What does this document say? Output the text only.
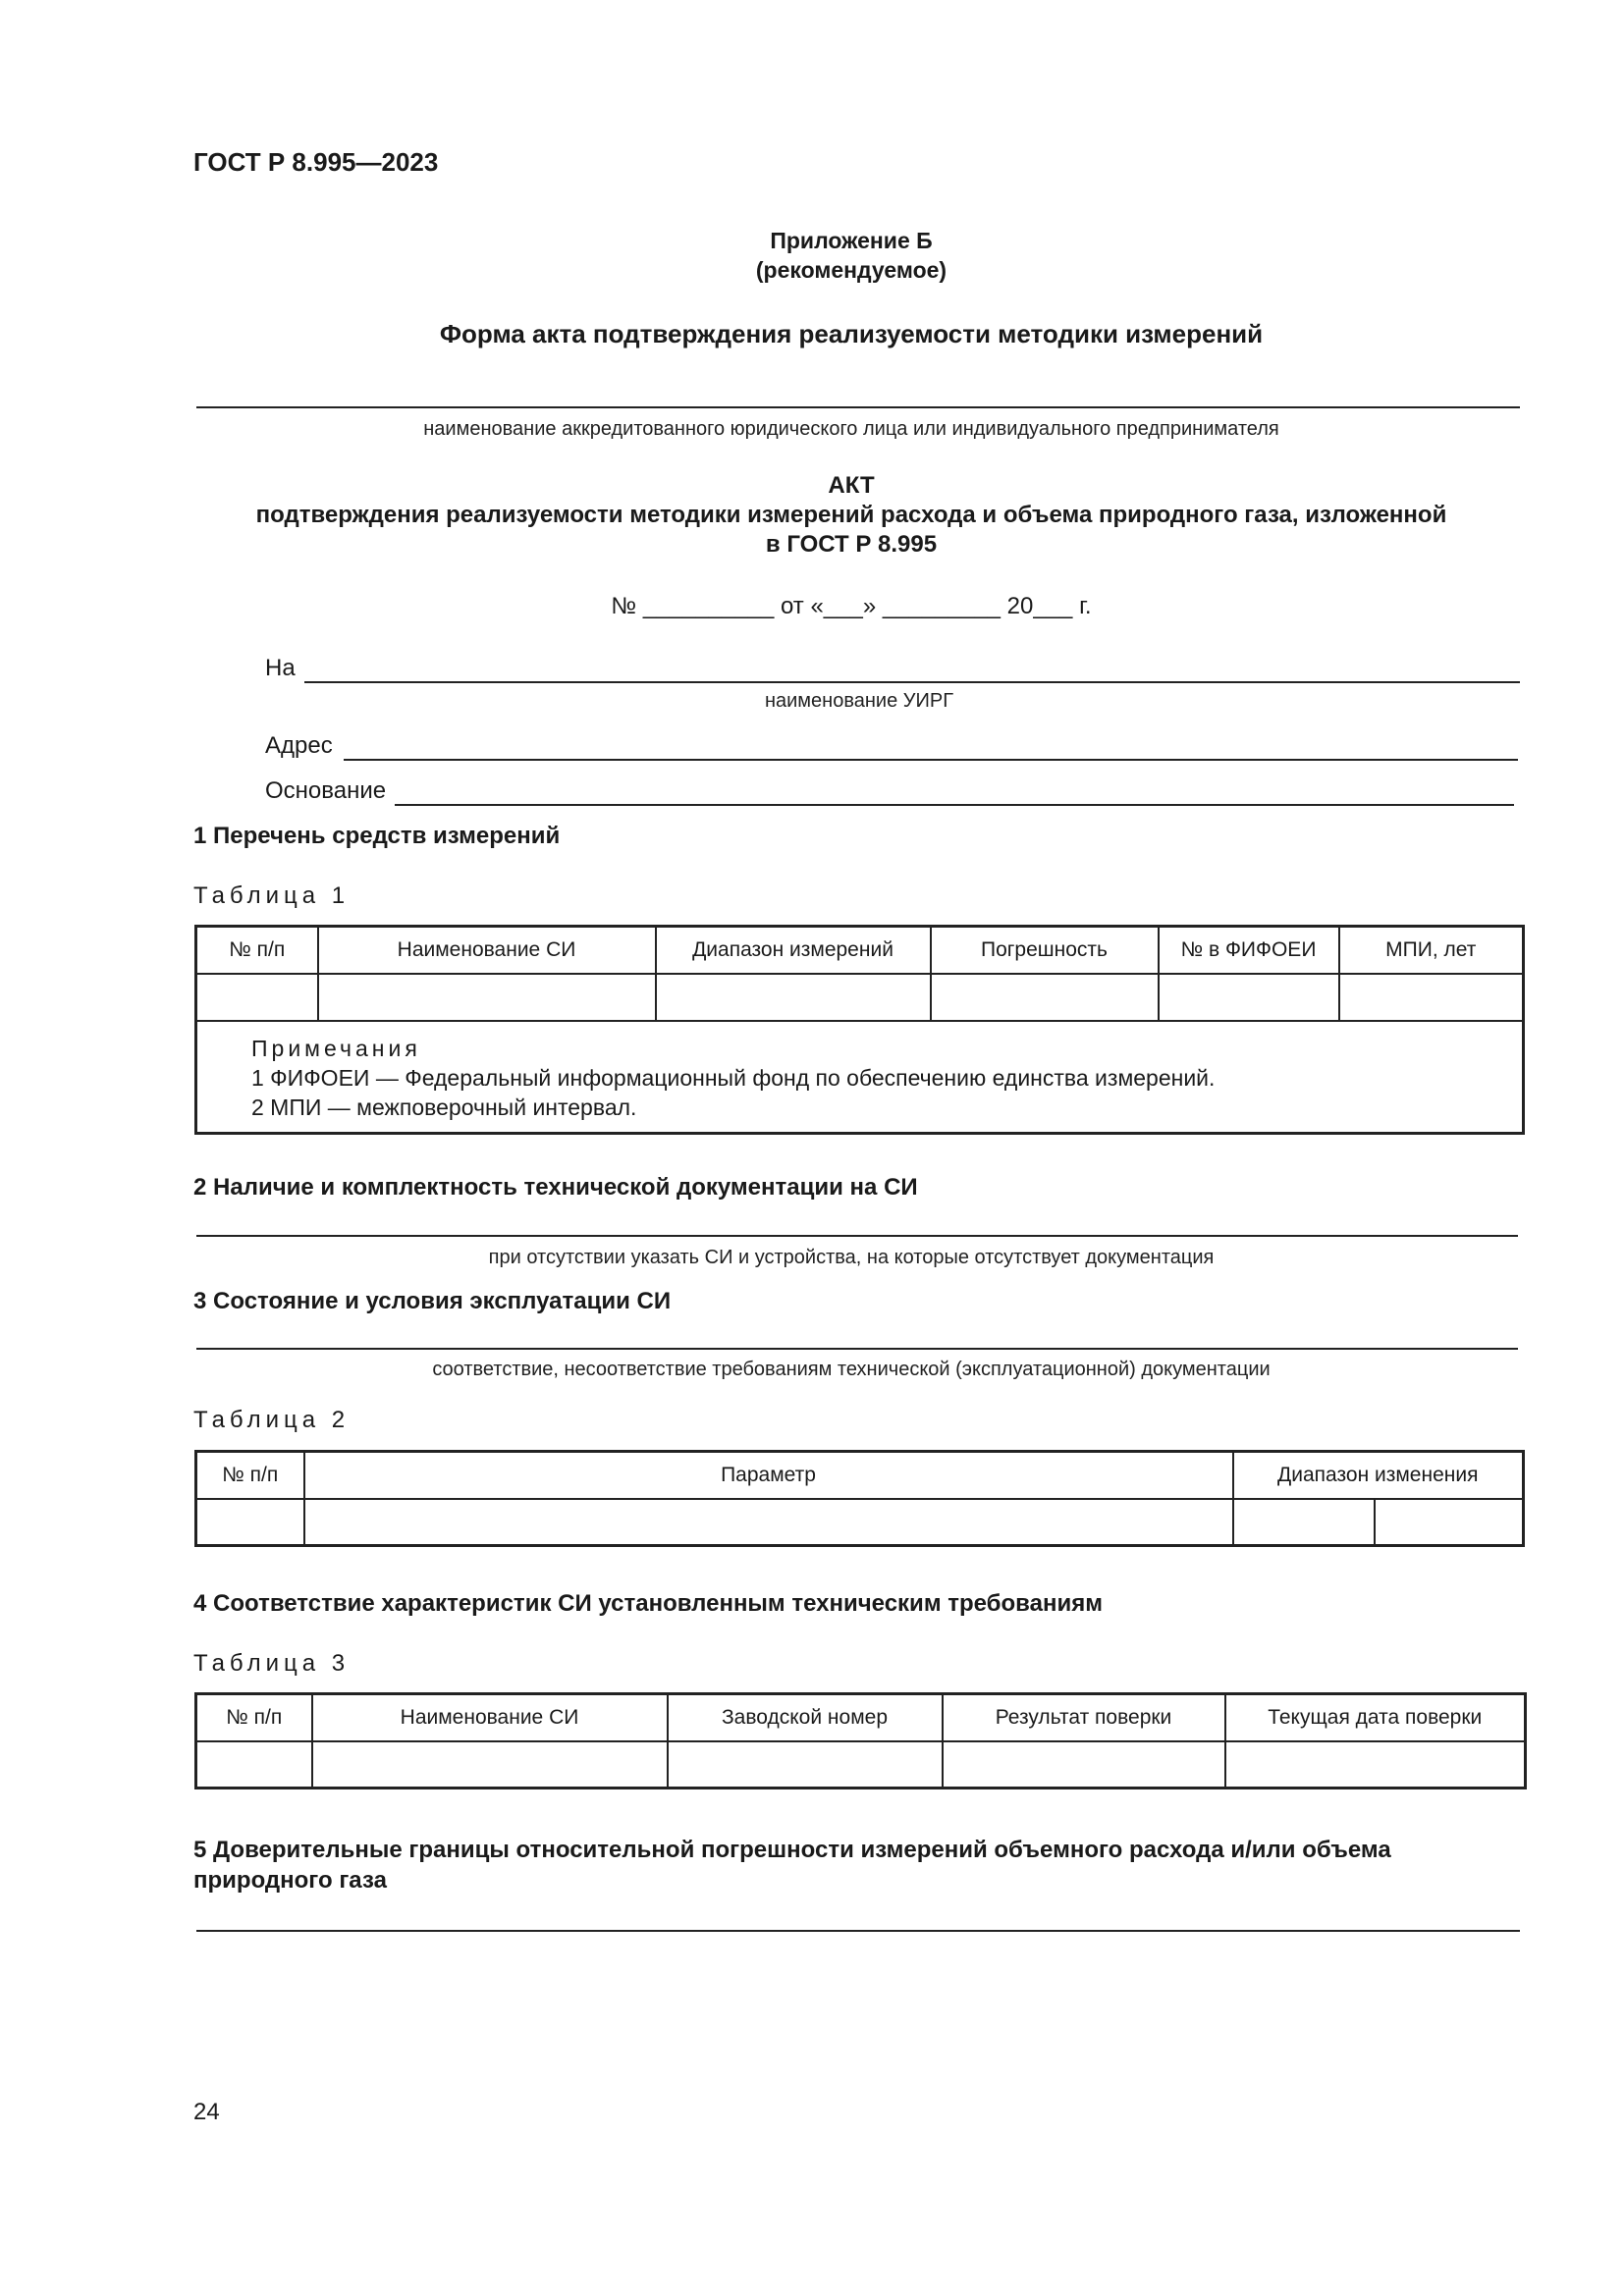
ГОСТ Р 8.995—2023
Приложение Б
(рекомендуемое)
Форма акта подтверждения реализуемости методики измерений
наименование аккредитованного юридического лица или индивидуального предпринимателя
АКТ
подтверждения реализуемости методики измерений расхода и объема природного газа, изложенной
в ГОСТ Р 8.995
№ __________ от «___» _________ 20___ г.
На
наименование УИРГ
Адрес
Основание
1 Перечень средств измерений
Таблица 1
№ п/п	Наименование СИ	Диапазон измерений	Погрешность	№ в ФИФОЕИ	МПИ, лет

Примечания
1 ФИФОЕИ — Федеральный информационный фонд по обеспечению единства измерений.
2 МПИ — межповерочный интервал.					
2 Наличие и комплектность технической документации на СИ
при отсутствии указать СИ и устройства, на которые отсутствует документация
3 Состояние и условия эксплуатации СИ
соответствие, несоответствие требованиям технической (эксплуатационной) документации
Таблица 2
№ п/п	Параметр	Диапазон изменения	

4 Соответствие характеристик СИ установленным техническим требованиям
Таблица 3
№ п/п	Наименование СИ	Заводской номер	Результат поверки	Текущая дата поверки

5 Доверительные границы относительной погрешности измерений объемного расхода и/или объема
природного газа
24
